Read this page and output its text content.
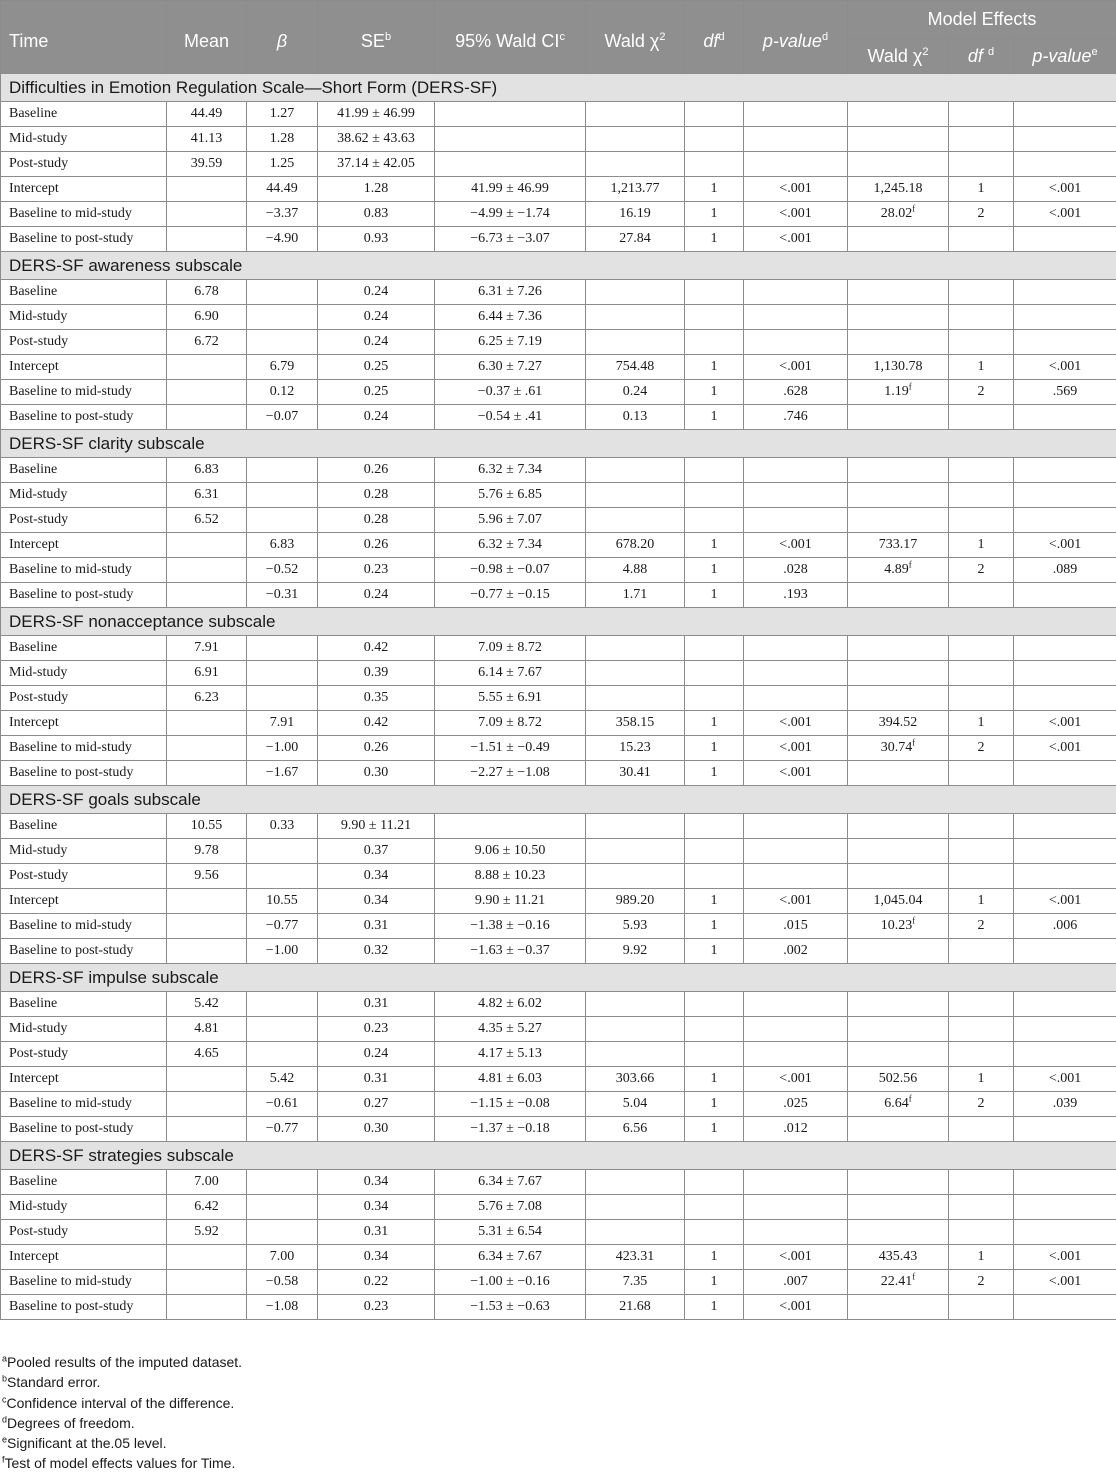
Time	Mean	β	$SE^b$	95% Wald $CI^c$	Wald $\chi^2$	$df^d$	p-value$^d$	Model Effects		
								Wald $\chi^2$	df $^d$	p-value$^e$
Difficulties in Emotion Regulation Scale—Short Form (DERS-SF)										
Baseline	44.49	1.27	41.99 ± 46.99							
Mid-study	41.13	1.28	38.62 ± 43.63							
Post-study	39.59	1.25	37.14 ± 42.05							
Intercept		44.49	1.28	41.99 ± 46.99	1,213.77	1	<.001	1,245.18	1	<.001
Baseline to mid-study		−3.37	0.83	−4.99 ± −1.74	16.19	1	<.001	28.02$^f$	2	<.001
Baseline to post-study		−4.90	0.93	−6.73 ± −3.07	27.84	1	<.001			
DERS-SF awareness subscale										
Baseline	6.78		0.24	6.31 ± 7.26						
Mid-study	6.90		0.24	6.44 ± 7.36						
Post-study	6.72		0.24	6.25 ± 7.19						
Intercept		6.79	0.25	6.30 ± 7.27	754.48	1	<.001	1,130.78	1	<.001
Baseline to mid-study		0.12	0.25	−0.37 ± .61	0.24	1	.628	1.19$^f$	2	.569
Baseline to post-study		−0.07	0.24	−0.54 ± .41	0.13	1	.746			
DERS-SF clarity subscale										
Baseline	6.83		0.26	6.32 ± 7.34						
Mid-study	6.31		0.28	5.76 ± 6.85						
Post-study	6.52		0.28	5.96 ± 7.07						
Intercept		6.83	0.26	6.32 ± 7.34	678.20	1	<.001	733.17	1	<.001
Baseline to mid-study		−0.52	0.23	−0.98 ± −0.07	4.88	1	.028	4.89$^f$	2	.089
Baseline to post-study		−0.31	0.24	−0.77 ± −0.15	1.71	1	.193			
DERS-SF nonacceptance subscale										
Baseline	7.91		0.42	7.09 ± 8.72						
Mid-study	6.91		0.39	6.14 ± 7.67						
Post-study	6.23		0.35	5.55 ± 6.91						
Intercept		7.91	0.42	7.09 ± 8.72	358.15	1	<.001	394.52	1	<.001
Baseline to mid-study		−1.00	0.26	−1.51 ± −0.49	15.23	1	<.001	30.74$^f$	2	<.001
Baseline to post-study		−1.67	0.30	−2.27 ± −1.08	30.41	1	<.001			
DERS-SF goals subscale										
Baseline	10.55	0.33	9.90 ± 11.21							
Mid-study	9.78		0.37	9.06 ± 10.50						
Post-study	9.56		0.34	8.88 ± 10.23						
Intercept		10.55	0.34	9.90 ± 11.21	989.20	1	<.001	1,045.04	1	<.001
Baseline to mid-study		−0.77	0.31	−1.38 ± −0.16	5.93	1	.015	10.23$^f$	2	.006
Baseline to post-study		−1.00	0.32	−1.63 ± −0.37	9.92	1	.002			
DERS-SF impulse subscale										
Baseline	5.42		0.31	4.82 ± 6.02						
Mid-study	4.81		0.23	4.35 ± 5.27						
Post-study	4.65		0.24	4.17 ± 5.13						
Intercept		5.42	0.31	4.81 ± 6.03	303.66	1	<.001	502.56	1	<.001
Baseline to mid-study		−0.61	0.27	−1.15 ± −0.08	5.04	1	.025	6.64$^f$	2	.039
Baseline to post-study		−0.77	0.30	−1.37 ± −0.18	6.56	1	.012			
DERS-SF strategies subscale										
Baseline	7.00		0.34	6.34 ± 7.67						
Mid-study	6.42		0.34	5.76 ± 7.08						
Post-study	5.92		0.31	5.31 ± 6.54						
Intercept		7.00	0.34	6.34 ± 7.67	423.31	1	<.001	435.43	1	<.001
Baseline to mid-study		−0.58	0.22	−1.00 ± −0.16	7.35	1	.007	22.41$^f$	2	<.001
Baseline to post-study		−1.08	0.23	−1.53 ± −0.63	21.68	1	<.001			
$^a$Pooled results of the imputed dataset.
$^b$Standard error.
$^c$Confidence interval of the difference.
$^d$Degrees of freedom.
$^e$Significant at the.05 level.
$^f$Test of model effects values for Time.
